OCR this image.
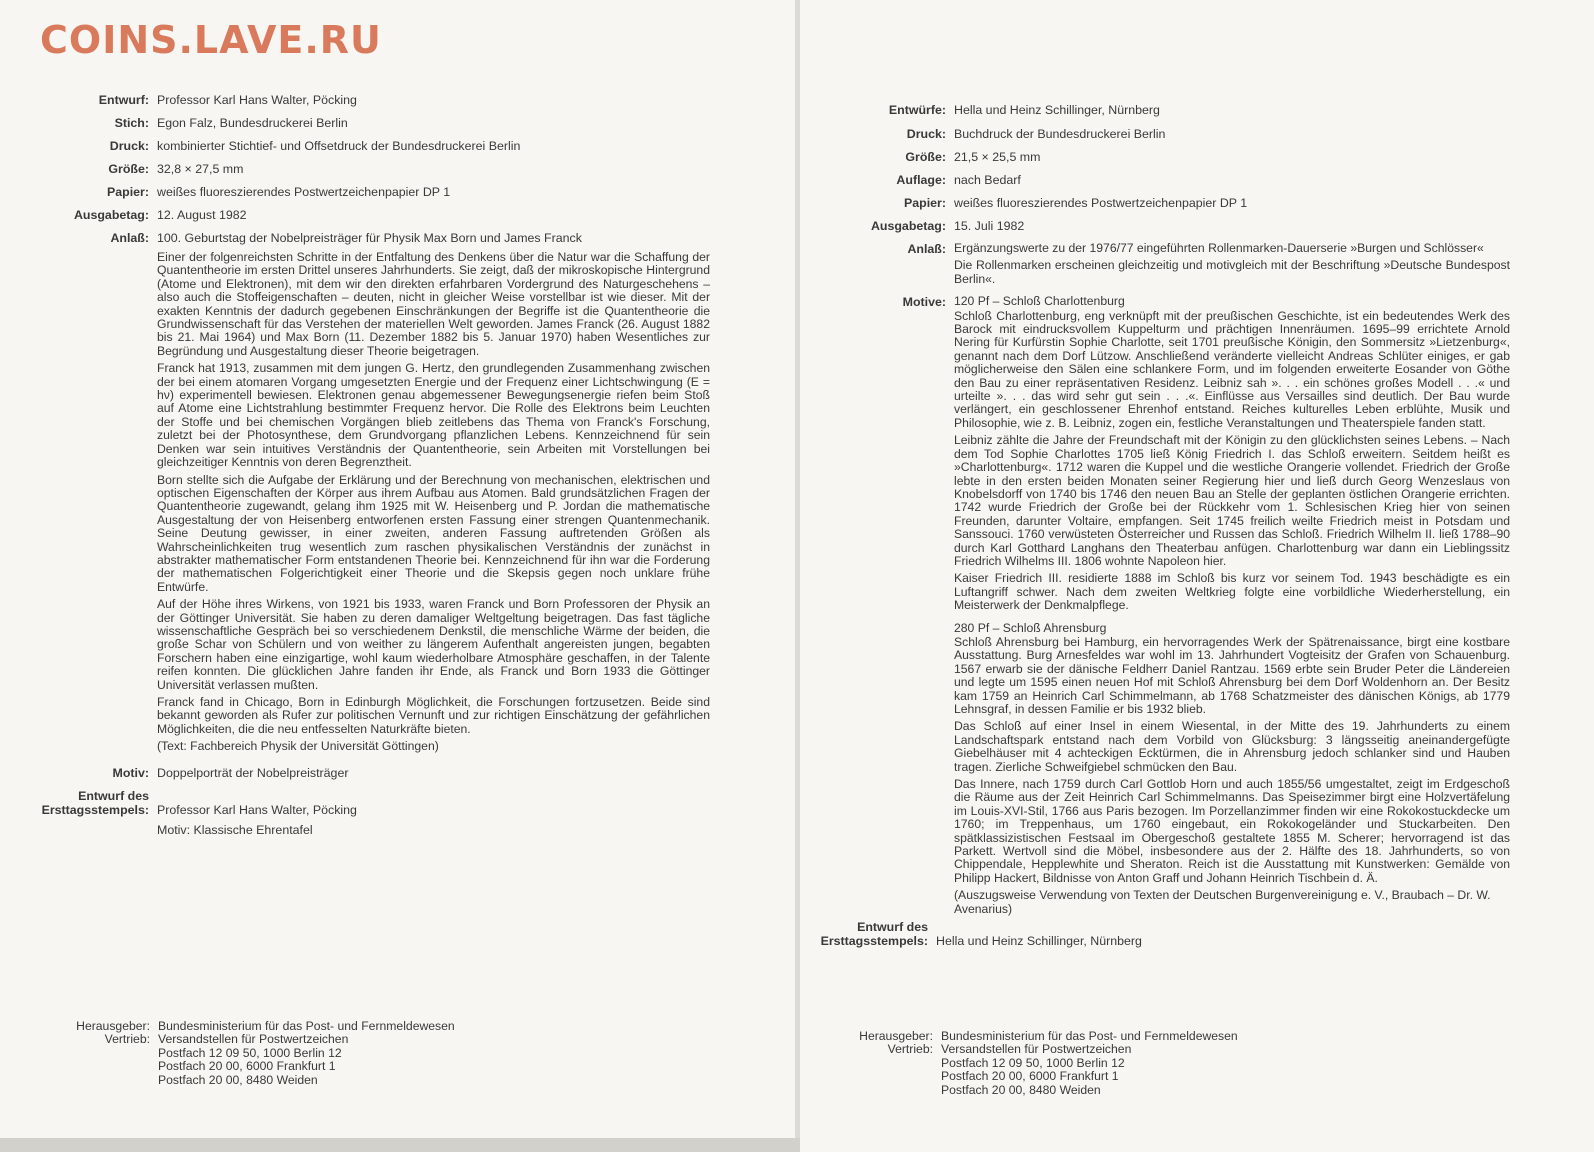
COINS.LAVE.RU
Entwurf: Professor Karl Hans Walter, Pöcking
Stich: Egon Falz, Bundesdruckerei Berlin
Druck: kombinierter Stichtief- und Offsetdruck der Bundesdruckerei Berlin
Größe: 32,8 × 27,5 mm
Papier: weißes fluoreszierendes Postwertzeichenpapier DP 1
Ausgabetag: 12. August 1982
Anlaß: 100. Geburtstag der Nobelpreisträger für Physik Max Born und James Franck

Einer der folgenreichsten Schritte in der Entfaltung des Denkens über die Natur war die Schaffung der Quantentheorie im ersten Drittel unseres Jahrhunderts. Sie zeigt, daß der mikroskopische Hintergrund (Atome und Elektronen), mit dem wir den direkten erfahrbaren Vordergrund des Naturgeschehens – also auch die Stoffeigenschaften – deuten, nicht in gleicher Weise vorstellbar ist wie dieser. Mit der exakten Kenntnis der dadurch gegebenen Einschränkungen der Begriffe ist die Quantentheorie die Grundwissenschaft für das Verstehen der materiellen Welt geworden. James Franck (26. August 1882 bis 21. Mai 1964) und Max Born (11. Dezember 1882 bis 5. Januar 1970) haben Wesentliches zur Begründung und Ausgestaltung dieser Theorie beigetragen.

Franck hat 1913, zusammen mit dem jungen G. Hertz, den grundlegenden Zusammenhang zwischen der bei einem atomaren Vorgang umgesetzten Energie und der Frequenz einer Lichtschwingung (E = hν) experimentell bewiesen. Elektronen genau abgemessener Bewegungsenergie riefen beim Stoß auf Atome eine Lichtstrahlung bestimmter Frequenz hervor. Die Rolle des Elektrons beim Leuchten der Stoffe und bei chemischen Vorgängen blieb zeitlebens das Thema von Franck's Forschung, zuletzt bei der Photosynthese, dem Grundvorgang pflanzlichen Lebens. Kennzeichnend für sein Denken war sein intuitives Verständnis der Quantentheorie, sein Arbeiten mit Vorstellungen bei gleichzeitiger Kenntnis von deren Begrenztheit.

Born stellte sich die Aufgabe der Erklärung und der Berechnung von mechanischen, elektrischen und optischen Eigenschaften der Körper aus ihrem Aufbau aus Atomen. Bald grundsätzlichen Fragen der Quantentheorie zugewandt, gelang ihm 1925 mit W. Heisenberg und P. Jordan die mathematische Ausgestaltung der von Heisenberg entworfenen ersten Fassung einer strengen Quantenmechanik. Seine Deutung gewisser, in einer zweiten, anderen Fassung auftretenden Größen als Wahrscheinlichkeiten trug wesentlich zum raschen physikalischen Verständnis der zunächst in abstrakter mathematischer Form entstandenen Theorie bei. Kennzeichnend für ihn war die Forderung der mathematischen Folgerichtigkeit einer Theorie und die Skepsis gegen noch unklare frühe Entwürfe.

Auf der Höhe ihres Wirkens, von 1921 bis 1933, waren Franck und Born Professoren der Physik an der Göttinger Universität. Sie haben zu deren damaliger Weltgeltung beigetragen. Das fast tägliche wissenschaftliche Gespräch bei so verschiedenem Denkstil, die menschliche Wärme der beiden, die große Schar von Schülern und von weither zu längerem Aufenthalt angereisten jungen, begabten Forschern haben eine einzigartige, wohl kaum wiederholbare Atmosphäre geschaffen, in der Talente reifen konnten. Die glücklichen Jahre fanden ihr Ende, als Franck und Born 1933 die Göttinger Universität verlassen mußten.

Franck fand in Chicago, Born in Edinburgh Möglichkeit, die Forschungen fortzusetzen. Beide sind bekannt geworden als Rufer zur politischen Vernunft und zur richtigen Einschätzung der gefährlichen Möglichkeiten, die die neu entfesselten Naturkräfte bieten.

(Text: Fachbereich Physik der Universität Göttingen)

Motiv: Doppelporträt der Nobelpreisträger
Entwurf des
Ersttagsstempels: Professor Karl Hans Walter, Pöcking
Motiv: Klassische Ehrentafel
Herausgeber:
Vertrieb:
Bundesministerium für das Post- und Fernmeldewesen
Versandstellen für Postwertzeichen
Postfach 12 09 50, 1000 Berlin 12
Postfach 20 00, 6000 Frankfurt 1
Postfach 20 00, 8480 Weiden
Entwürfe: Hella und Heinz Schillinger, Nürnberg
Druck: Buchdruck der Bundesdruckerei Berlin
Größe: 21,5 × 25,5 mm
Auflage: nach Bedarf
Papier: weißes fluoreszierendes Postwertzeichenpapier DP 1
Ausgabetag: 15. Juli 1982
Anlaß: Ergänzungswerte zu der 1976/77 eingeführten Rollenmarken-Dauerserie »Burgen und Schlösser«

Die Rollenmarken erscheinen gleichzeitig und motivgleich mit der Beschriftung »Deutsche Bundespost Berlin«.

Motive: 120 Pf – Schloß Charlottenburg

Schloß Charlottenburg, eng verknüpft mit der preußischen Geschichte, ist ein bedeutendes Werk des Barock mit eindrucksvollem Kuppelturm und prächtigen Innenräumen. 1695–99 errichtete Arnold Nering für Kurfürstin Sophie Charlotte, seit 1701 preußische Königin, den Sommersitz »Lietzenburg«, genannt nach dem Dorf Lützow. Anschließend veränderte vielleicht Andreas Schlüter einiges, er gab möglicherweise den Sälen eine schlankere Form, und im folgenden erweiterte Eosander von Göthe den Bau zu einer repräsentativen Residenz. Leibniz sah ». . . ein schönes großes Modell . . .« und urteilte ». . . das wird sehr gut sein . . .«. Einflüsse aus Versailles sind deutlich. Der Bau wurde verlängert, ein geschlossener Ehrenhof entstand. Reiches kulturelles Leben erblühte, Musik und Philosophie, wie z. B. Leibniz, zogen ein, festliche Veranstaltungen und Theaterspiele fanden statt.

Leibniz zählte die Jahre der Freundschaft mit der Königin zu den glücklichsten seines Lebens. – Nach dem Tod Sophie Charlottes 1705 ließ König Friedrich I. das Schloß erweitern. Seitdem heißt es »Charlottenburg«. 1712 waren die Kuppel und die westliche Orangerie vollendet. Friedrich der Große lebte in den ersten beiden Monaten seiner Regierung hier und ließ durch Georg Wenzeslaus von Knobelsdorff von 1740 bis 1746 den neuen Bau an Stelle der geplanten östlichen Orangerie errichten. 1742 wurde Friedrich der Große bei der Rückkehr vom 1. Schlesischen Krieg hier von seinen Freunden, darunter Voltaire, empfangen. Seit 1745 freilich weilte Friedrich meist in Potsdam und Sanssouci. 1760 verwüsteten Österreicher und Russen das Schloß. Friedrich Wilhelm II. ließ 1788–90 durch Karl Gotthard Langhans den Theaterbau anfügen. Charlottenburg war dann ein Lieblingssitz Friedrich Wilhelms III. 1806 wohnte Napoleon hier.

Kaiser Friedrich III. residierte 1888 im Schloß bis kurz vor seinem Tod. 1943 beschädigte es ein Luftangriff schwer. Nach dem zweiten Weltkrieg folgte eine vorbildliche Wiederherstellung, ein Meisterwerk der Denkmalpflege.

280 Pf – Schloß Ahrensburg

Schloß Ahrensburg bei Hamburg, ein hervorragendes Werk der Spätrenaissance, birgt eine kostbare Ausstattung. Burg Arnesfeldes war wohl im 13. Jahrhundert Vogteisitz der Grafen von Schauenburg. 1567 erwarb sie der dänische Feldherr Daniel Rantzau. 1569 erbte sein Bruder Peter die Ländereien und legte um 1595 einen neuen Hof mit Schloß Ahrensburg bei dem Dorf Woldenhorn an. Der Besitz kam 1759 an Heinrich Carl Schimmelmann, ab 1768 Schatzmeister des dänischen Königs, ab 1779 Lehnsgraf, in dessen Familie er bis 1932 blieb.

Das Schloß auf einer Insel in einem Wiesental, in der Mitte des 19. Jahrhunderts zu einem Landschaftspark entstand nach dem Vorbild von Glücksburg: 3 längsseitig aneinandergefügte Giebelhäuser mit 4 achteckigen Ecktürmen, die in Ahrensburg jedoch schlanker sind und Hauben tragen. Zierliche Schweifgiebel schmücken den Bau.

Das Innere, nach 1759 durch Carl Gottlob Horn und auch 1855/56 umgestaltet, zeigt im Erdgeschoß die Räume aus der Zeit Heinrich Carl Schimmelmanns. Das Speisezimmer birgt eine Holzvertäfelung im Louis-XVI-Stil, 1766 aus Paris bezogen. Im Porzellanzimmer finden wir eine Rokokostuckdecke um 1760; im Treppenhaus, um 1760 eingebaut, ein Rokokogeländer und Stuckarbeiten. Den spätklassizistischen Festsaal im Obergeschoß gestaltete 1855 M. Scherer; hervorragend ist das Parkett. Wertvoll sind die Möbel, insbesondere aus der 2. Hälfte des 18. Jahrhunderts, so von Chippendale, Hepplewhite und Sheraton. Reich ist die Ausstattung mit Kunstwerken: Gemälde von Philipp Hackert, Bildnisse von Anton Graff und Johann Heinrich Tischbein d. Ä.

(Auszugsweise Verwendung von Texten der Deutschen Burgenvereinigung e. V., Braubach – Dr. W. Avenarius)

Entwurf des
Ersttagsstempels: Hella und Heinz Schillinger, Nürnberg
Herausgeber:
Vertrieb:
Bundesministerium für das Post- und Fernmeldewesen
Versandstellen für Postwertzeichen
Postfach 12 09 50, 1000 Berlin 12
Postfach 20 00, 6000 Frankfurt 1
Postfach 20 00, 8480 Weiden
